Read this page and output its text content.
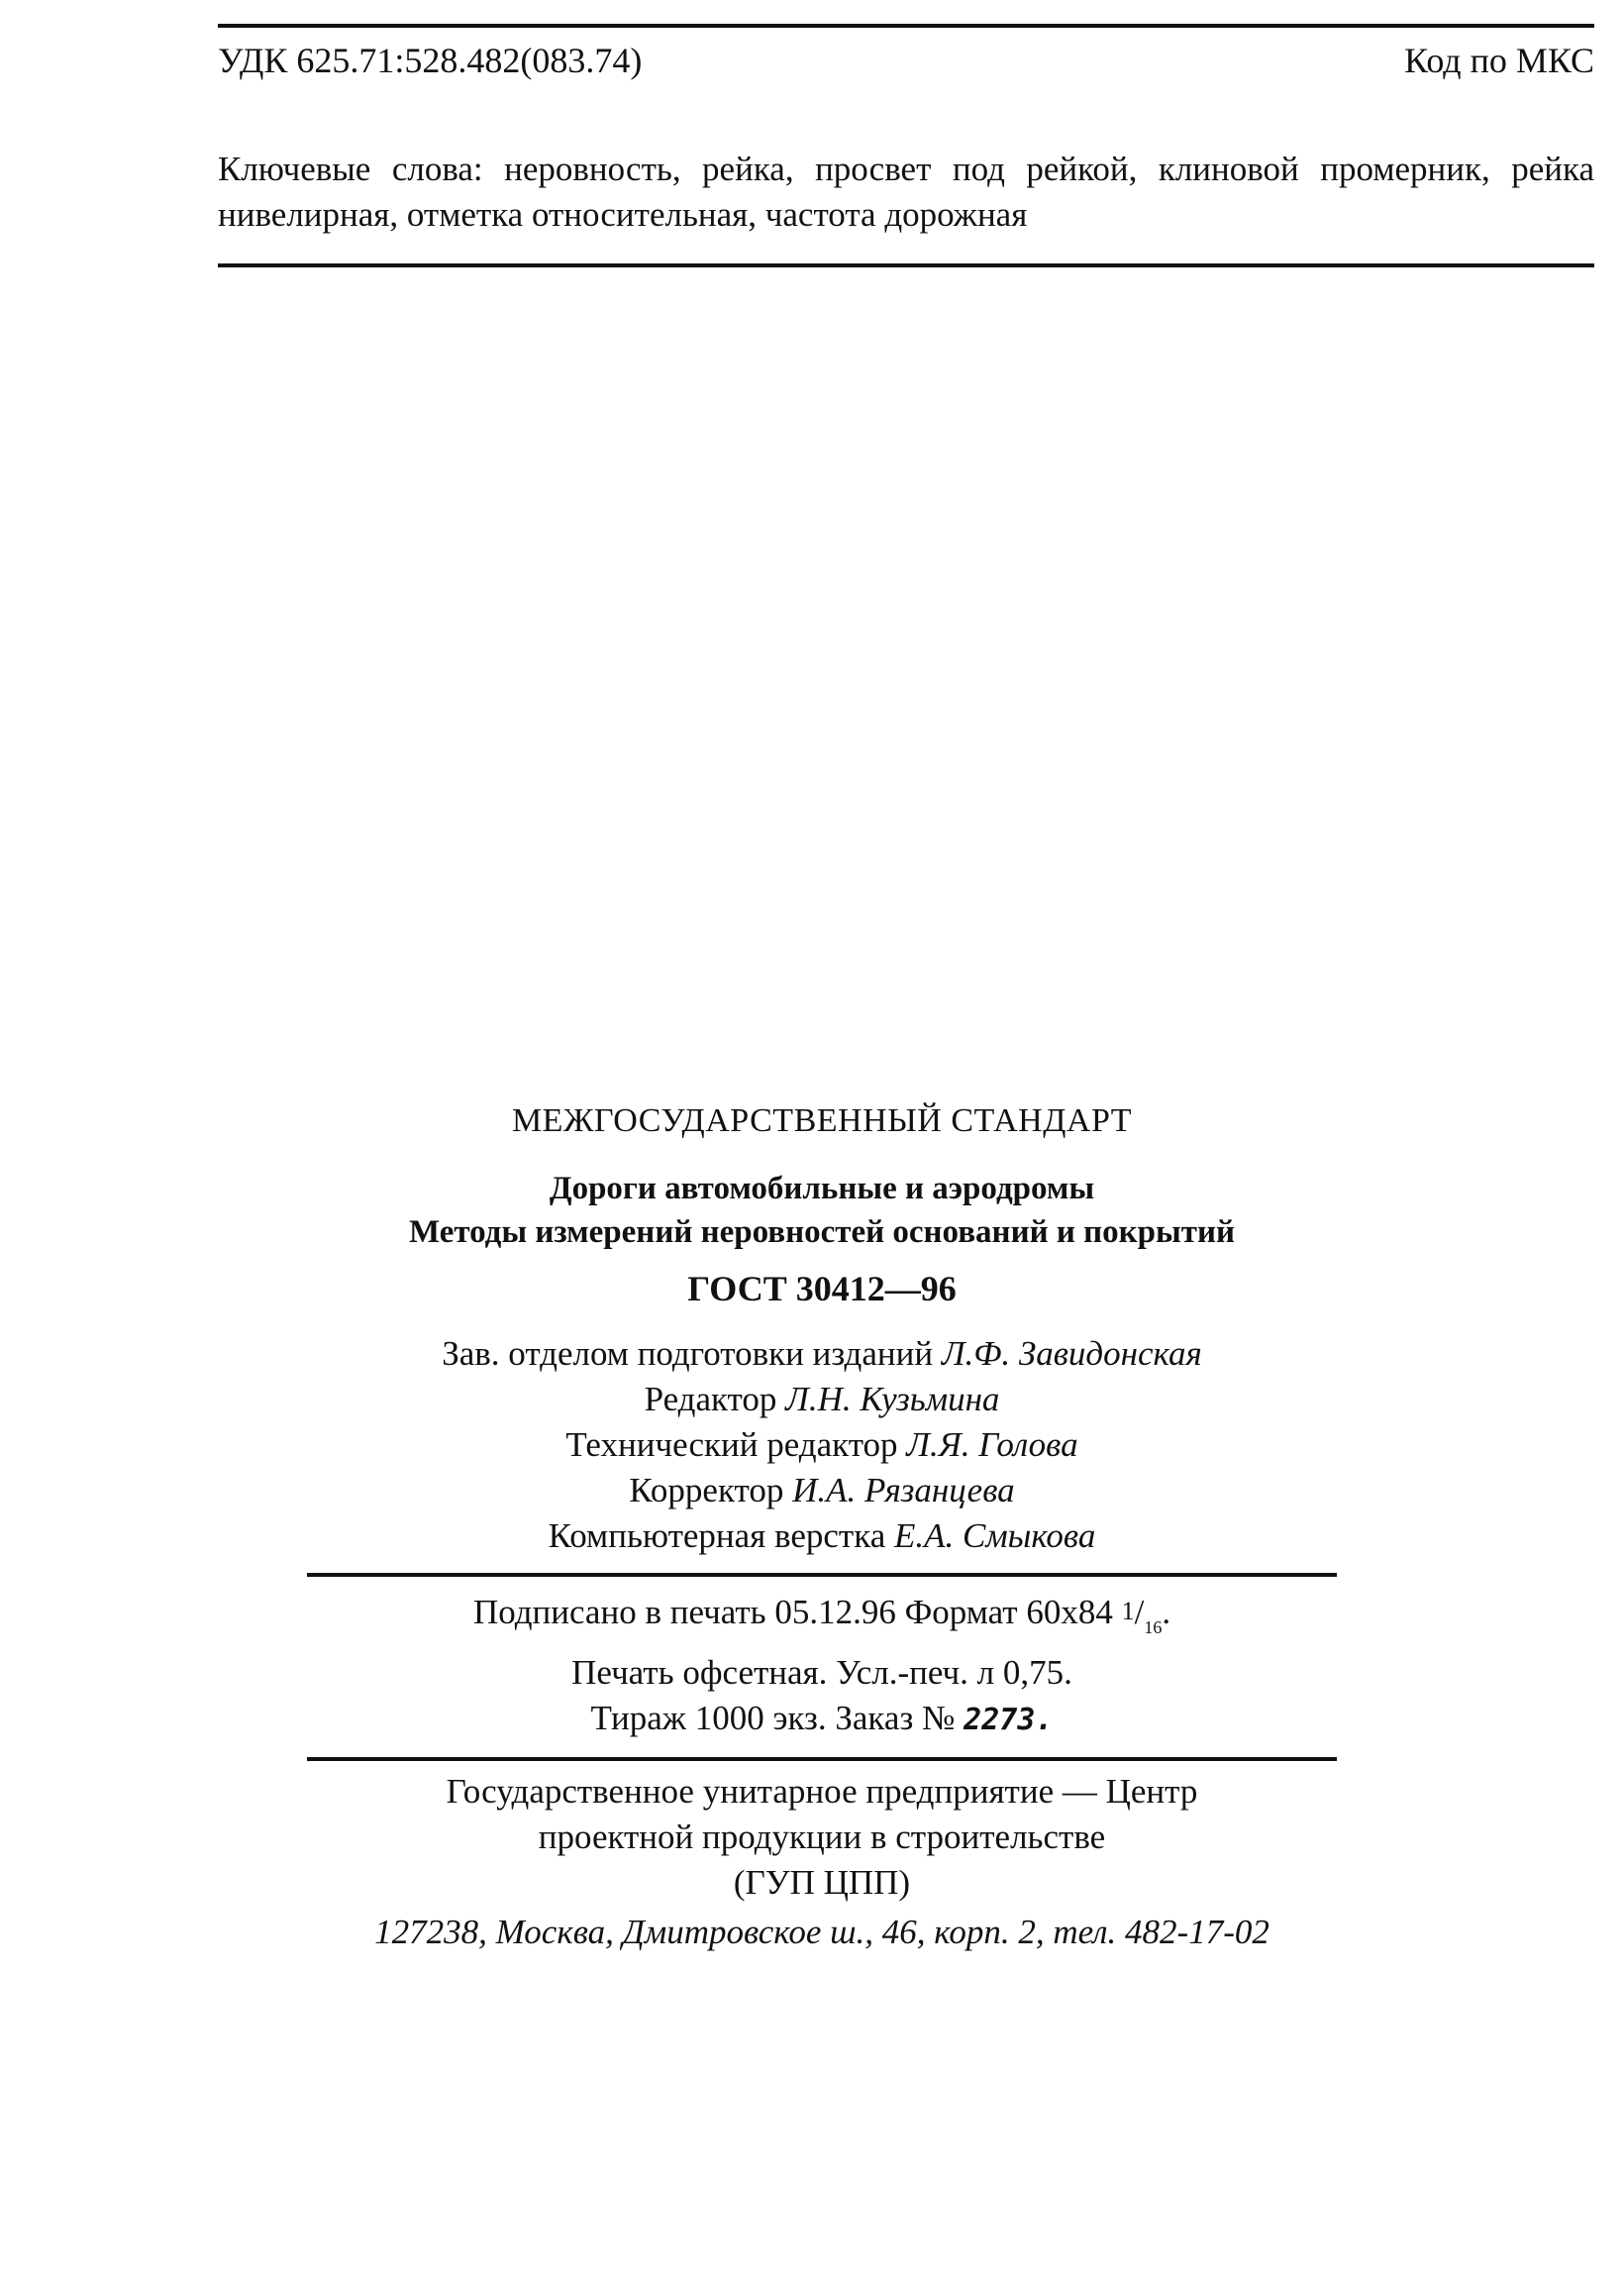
УДК 625.71:528.482(083.74)	Код по МКС
Ключевые слова: неровность, рейка, просвет под рейкой, клиновой промерник, рейка нивелирная, отметка относительная, частота дорожная
МЕЖГОСУДАРСТВЕННЫЙ СТАНДАРТ
Дороги автомобильные и аэродромы
Методы измерений неровностей оснований и покрытий
ГОСТ 30412—96
Зав. отделом подготовки изданий Л.Ф. Завидонская
Редактор Л.Н. Кузьмина
Технический редактор Л.Я. Голова
Корректор И.А. Рязанцева
Компьютерная верстка Е.А. Смыкова
Подписано в печать 05.12.96 Формат 60x84 $1/_{16}$.
Печать офсетная. Усл.-печ. л 0,75.
Тираж 1000 экз. Заказ № 2273.
Государственное унитарное предприятие — Центр
проектной продукции в строительстве
(ГУП ЦПП)
127238, Москва, Дмитровское ш., 46, корп. 2, тел. 482-17-02
